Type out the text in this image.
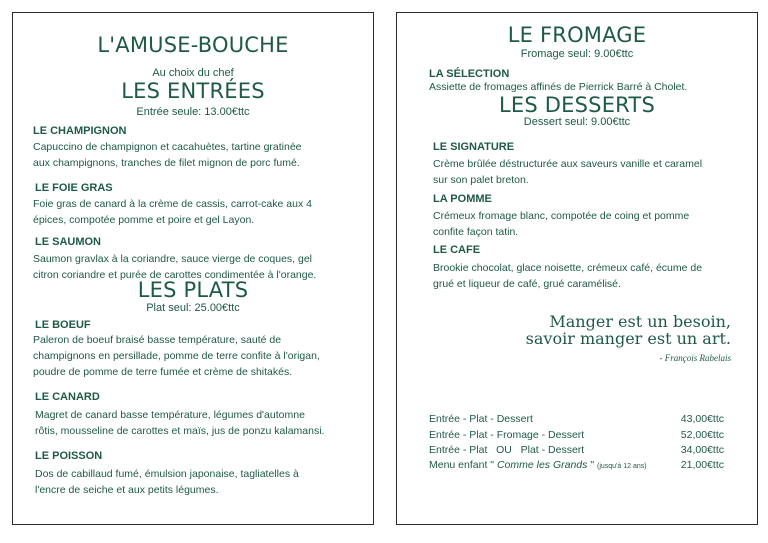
L'AMUSE-BOUCHE
Au choix du chef
LES ENTRÉES
Entrée seule: 13.00€ttc
LE CHAMPIGNON
Capuccino de champignon et cacahuètes, tartine gratinée
aux champignons, tranches de filet mignon de porc fumé.
LE FOIE GRAS
Foie gras de canard à la crème de cassis, carrot-cake aux 4
épices, compotée pomme et poire et gel Layon.
LE SAUMON
Saumon gravlax à la coriandre, sauce vierge de coques, gel
citron coriandre et purée de carottes condimentée à l'orange.
LES PLATS
Plat seul: 25.00€ttc
LE BOEUF
Paleron de boeuf braisé basse température, sauté de
champignons en persillade, pomme de terre confite à l'origan,
poudre de pomme de terre fumée et crème de shitakés.
LE CANARD
Magret de canard basse température, légumes d'automne
rôtis, mousseline de carottes et maïs, jus de ponzu kalamansi.
LE POISSON
Dos de cabillaud fumé, émulsion japonaise, tagliatelles à
l'encre de seiche et aux petits légumes.
LE FROMAGE
Fromage seul: 9.00€ttc
LA SÉLECTION
Assiette de fromages affinés de Pierrick Barré à Cholet.
LES DESSERTS
Dessert seul: 9.00€ttc
LE SIGNATURE
Crème brûlée déstructurée aux saveurs vanille et caramel
sur son palet breton.
LA POMME
Crémeux fromage blanc, compotée de coing et pomme
confite façon tatin.
LE CAFE
Brookie chocolat, glace noisette, crémeux café, écume de
grué et liqueur de café, grué caramélisé.
Manger est un besoin,
savoir manger est un art.
- François Rabelais
Entrée - Plat - Dessert	43,00€ttc
Entrée - Plat - Fromage - Dessert	52,00€ttc
Entrée - Plat   OU   Plat - Dessert	34,00€ttc
Menu enfant " Comme les Grands " (jusqu'à 12 ans)	21,00€ttc
